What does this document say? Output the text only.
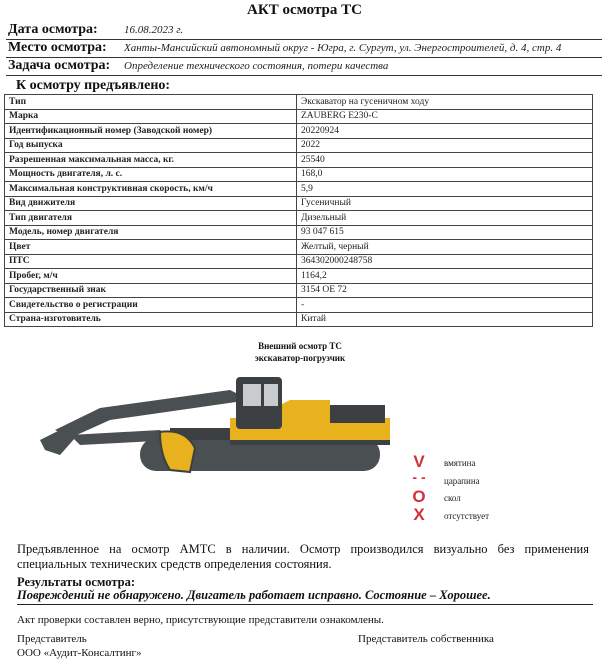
АКТ осмотра ТС
Дата осмотра: 16.08.2023 г.
Место осмотра: Ханты-Мансийский автономный округ - Югра, г. Сургут, ул. Энергостроителей, д. 4, стр. 4
Задача осмотра: Определение технического состояния, потери качества
К осмотру предъявлено:
Тип	Экскаватор на гусеничном ходу
Марка	ZAUBERG E230-C
Идентификационный номер (Заводской номер)	20220924
Год выпуска	2022
Разрешенная максимальная масса, кг.	25540
Мощность двигателя, л. с.	168,0
Максимальная конструктивная скорость, км/ч	5,9
Вид движителя	Гусеничный
Тип двигателя	Дизельный
Модель, номер двигателя	93 047 615
Цвет	Желтый, черный
ПТС	364302000248758
Пробег, м/ч	1164,2
Государственный знак	3154 ОЕ 72
Свидетельство о регистрации	-
Страна-изготовитель	Китай
Внешний осмотр ТС
экскаватор-погрузчик
V вмятина
- - царапина
O скол
X отсутствует
Предъявленное на осмотр АМТС в наличии. Осмотр производился визуально без применения специальных технических средств определения состояния.
Результаты осмотра:
Повреждений не обнаружено. Двигатель работает исправно. Состояние – Хорошее.
Акт проверки составлен верно, присутствующие представители ознакомлены.
Представитель
ООО «Аудит-Консалтинг»
Представитель собственника
